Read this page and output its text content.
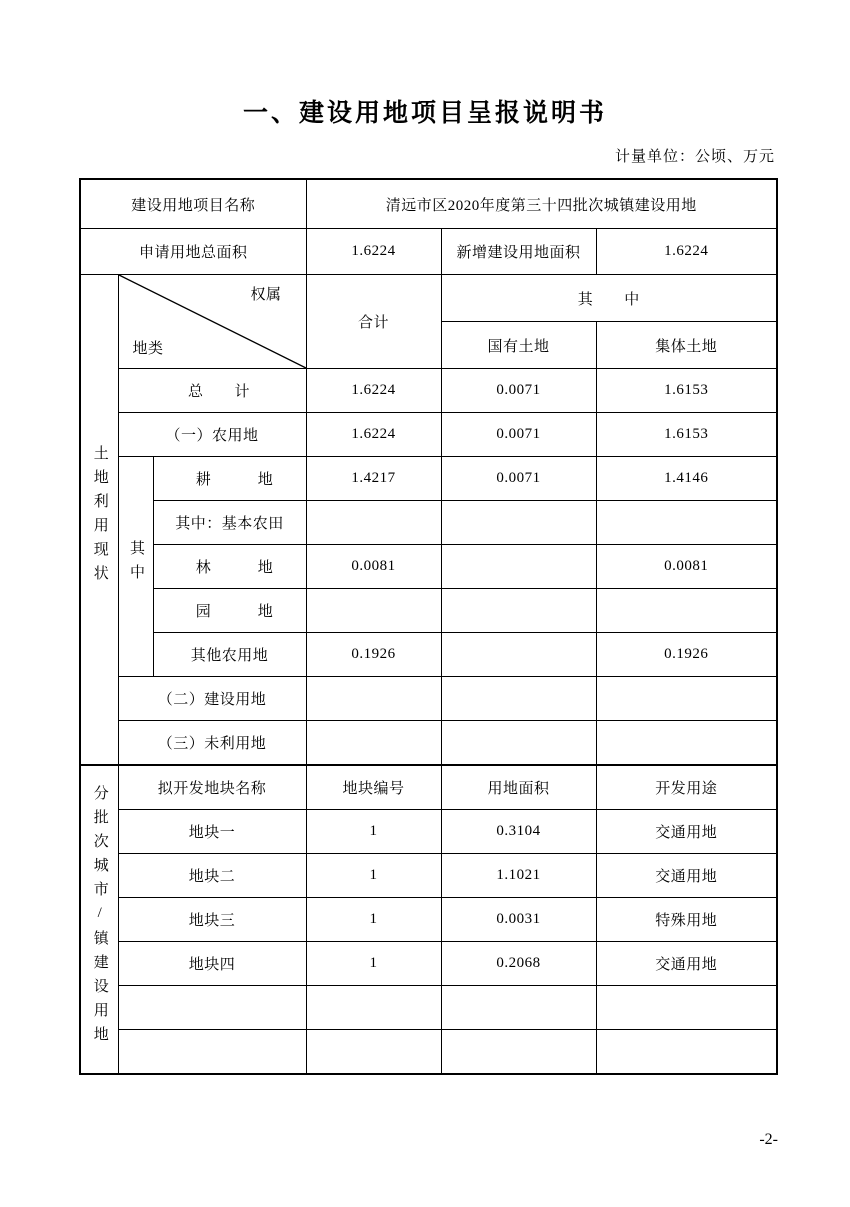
一、建设用地项目呈报说明书
计量单位：公顷、万元
建设用地项目名称			清远市区2020年度第三十四批次城镇建设用地		
申请用地总面积			1.6224	新增建设用地面积	1.6224
土地利用现状	权属
地类		合计	其　　中	
				国有土地	集体土地
	总　　计		1.6224	0.0071	1.6153
	（一）农用地		1.6224	0.0071	1.6153
	其中	耕　　　地	1.4217	0.0071	1.4146
		其中：基本农田			
		林　　　地	0.0081		0.0081
		园　　　地			
		其他农用地	0.1926		0.1926
	（二）建设用地				
	（三）未利用地				
分批次城市/镇建设用地	拟开发地块名称		地块编号	用地面积	开发用途
	地块一		1	0.3104	交通用地
	地块二		1	1.1021	交通用地
	地块三		1	0.0031	特殊用地
	地块四		1	0.2068	交通用地

-2-
